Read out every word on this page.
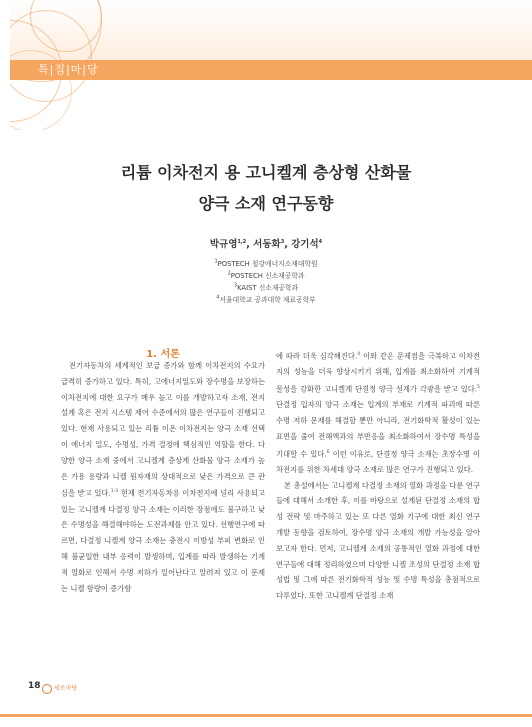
특|집|마|당
리튬 이차전지 용 고니켈계 층상형 산화물
양극 소재 연구동향
박규영$^{1,2}$, 서동화$^3$, 강기석$^4$
$^1$POSTECH 철강에너지소재대학원
$^2$POSTECH 신소재공학과
$^3$KAIST 신소재공학과
$^4$서울대학교 공과대학 재료공학부
1. 서론

전기자동차의 세계적인 보급 증가와 함께 이차전지의 수요가 급격히 증가하고 있다. 특히, 고에너지밀도와 장수명을 보장하는 이차전지에 대한 요구가 매우 높고 이를 개발하고자 소재, 전지 설계 혹은 전지 시스템 제어 수준에서의 많은 연구들이 진행되고 있다. 현재 사용되고 있는 리튬 이온 이차전지는 양극 소재 선택이 에너지 밀도, 수명성, 가격 결정에 핵심적인 역할을 한다. 다양한 양극 소재 중에서 고니켈계 층상계 산화물 양극 소재가 높은 가용 용량과 니켈 원자재의 상대적으로 낮은 가격으로 큰 관심을 받고 있다.$^{1-3}$ 현재 전기자동차용 이차전지에 널리 사용되고 있는 고니켈계 다결정 양극 소재는 이러한 장점에도 불구하고 낮은 수명성을 해결해야하는 도전과제를 안고 있다. 선행연구에 따르면, 다결정 니켈계 양극 소재는 충전시 이방성 부피 변화로 인해 불균일한 내부 응력이 발생하며, 입계를 따라 발생하는 기계적 열화로 인해서 수명 저하가 일어난다고 알려져 있고 이 문제는 니켈 함량이 증가함

에 따라 더욱 심각해진다.$^4$ 이와 같은 문제점을 극복하고 이차전지의 성능을 더욱 향상시키기 위해, 입계를 최소화하여 기계적 물성을 강화한 고니켈계 단결정 양극 설계가 각광을 받고 있다.$^5$ 단결정 입자의 양극 소재는 입계의 부재로 기계적 파괴에 따른 수명 저하 문제를 해결할 뿐만 아니라, 전기화학적 활성이 있는 표면을 줄여 전해액과의 부반응을 최소화하여서 장수명 특성을 기대할 수 있다.$^6$ 이런 이유로, 단결정 양극 소재는 초장수명 이차전지를 위한 차세대 양극 소재로 많은 연구가 진행되고 있다.

본 총설에서는 고니켈계 다결정 소재의 열화 과정을 다룬 연구들에 대해서 소개한 후, 이를 바탕으로 설계된 단결정 소재의 합성 전략 및 마주하고 있는 또 다른 열화 기구에 대한 최신 연구 개발 동향을 검토하여, 장수명 양극 소재의 개발 가능성을 알아보고자 한다. 먼저, 고니켈계 소재의 공통적인 열화 과정에 대한 연구들에 대해 정리하였으며 다양한 니켈 조성의 단결정 소재 합성법 및 그에 따른 전기화학적 성능 및 수명 특성을 총점적으로 다루었다. 또한 고니켈계 단결정 소재

18	세로마당
